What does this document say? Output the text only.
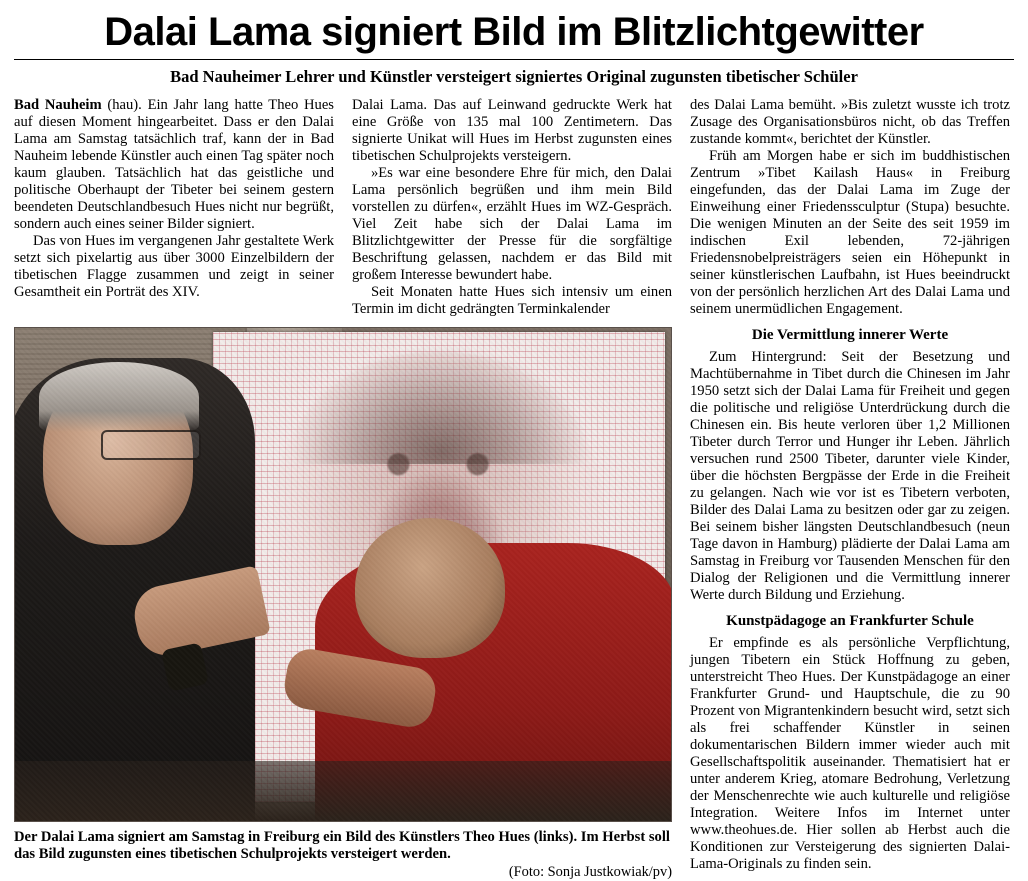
Dalai Lama signiert Bild im Blitzlichtgewitter
Bad Nauheimer Lehrer und Künstler versteigert signiertes Original zugunsten tibetischer Schüler

Bad Nauheim (hau). Ein Jahr lang hatte Theo Hues auf diesen Moment hingearbeitet. Dass er den Dalai Lama am Samstag tatsächlich traf, kann der in Bad Nauheim lebende Künstler auch einen Tag später noch kaum glauben. Tatsächlich hat das geistliche und politische Oberhaupt der Tibeter bei seinem gestern beendeten Deutschlandbesuch Hues nicht nur begrüßt, sondern auch eines seiner Bilder signiert.

Das von Hues im vergangenen Jahr gestaltete Werk setzt sich pixelartig aus über 3000 Einzelbildern der tibetischen Flagge zusammen und zeigt in seiner Gesamtheit ein Porträt des XIV.

Dalai Lama. Das auf Leinwand gedruckte Werk hat eine Größe von 135 mal 100 Zentimetern. Das signierte Unikat will Hues im Herbst zugunsten eines tibetischen Schulprojekts versteigern.

»Es war eine besondere Ehre für mich, den Dalai Lama persönlich begrüßen und ihm mein Bild vorstellen zu dürfen«, erzählt Hues im WZ-Gespräch. Viel Zeit habe sich der Dalai Lama im Blitzlichtgewitter der Presse für die sorgfältige Beschriftung gelassen, nachdem er das Bild mit großem Interesse bewundert habe.

Seit Monaten hatte Hues sich intensiv um einen Termin im dicht gedrängten Terminkalender

Der Dalai Lama signiert am Samstag in Freiburg ein Bild des Künstlers Theo Hues (links). Im Herbst soll das Bild zugunsten eines tibetischen Schulprojekts versteigert werden.
(Foto: Sonja Justkowiak/pv)

des Dalai Lama bemüht. »Bis zuletzt wusste ich trotz Zusage des Organisationsbüros nicht, ob das Treffen zustande kommt«, berichtet der Künstler.

Früh am Morgen habe er sich im buddhistischen Zentrum »Tibet Kailash Haus« in Freiburg eingefunden, das der Dalai Lama im Zuge der Einweihung einer Friedenssculptur (Stupa) besuchte. Die wenigen Minuten an der Seite des seit 1959 im indischen Exil lebenden, 72-jährigen Friedensnobelpreisträgers seien ein Höhepunkt in seiner künstlerischen Laufbahn, ist Hues beeindruckt von der persönlich herzlichen Art des Dalai Lama und seinem unermüdlichen Engagement.

Die Vermittlung innerer Werte

Zum Hintergrund: Seit der Besetzung und Machtübernahme in Tibet durch die Chinesen im Jahr 1950 setzt sich der Dalai Lama für Freiheit und gegen die politische und religiöse Unterdrückung durch die Chinesen ein. Bis heute verloren über 1,2 Millionen Tibeter durch Terror und Hunger ihr Leben. Jährlich versuchen rund 2500 Tibeter, darunter viele Kinder, über die höchsten Bergpässe der Erde in die Freiheit zu gelangen. Nach wie vor ist es Tibetern verboten, Bilder des Dalai Lama zu besitzen oder gar zu zeigen. Bei seinem bisher längsten Deutschlandbesuch (neun Tage davon in Hamburg) plädierte der Dalai Lama am Samstag in Freiburg vor Tausenden Menschen für den Dialog der Religionen und die Vermittlung innerer Werte durch Bildung und Erziehung.

Kunstpädagoge an Frankfurter Schule

Er empfinde es als persönliche Verpflichtung, jungen Tibetern ein Stück Hoffnung zu geben, unterstreicht Theo Hues. Der Kunstpädagoge an einer Frankfurter Grund- und Hauptschule, die zu 90 Prozent von Migrantenkindern besucht wird, setzt sich als frei schaffender Künstler in seinen dokumentarischen Bildern immer wieder auch mit Gesellschaftspolitik auseinander. Thematisiert hat er unter anderem Krieg, atomare Bedrohung, Verletzung der Menschenrechte wie auch kulturelle und religiöse Integration. Weitere Infos im Internet unter www.theohues.de. Hier sollen ab Herbst auch die Konditionen zur Versteigerung des signierten Dalai-Lama-Originals zu finden sein.
